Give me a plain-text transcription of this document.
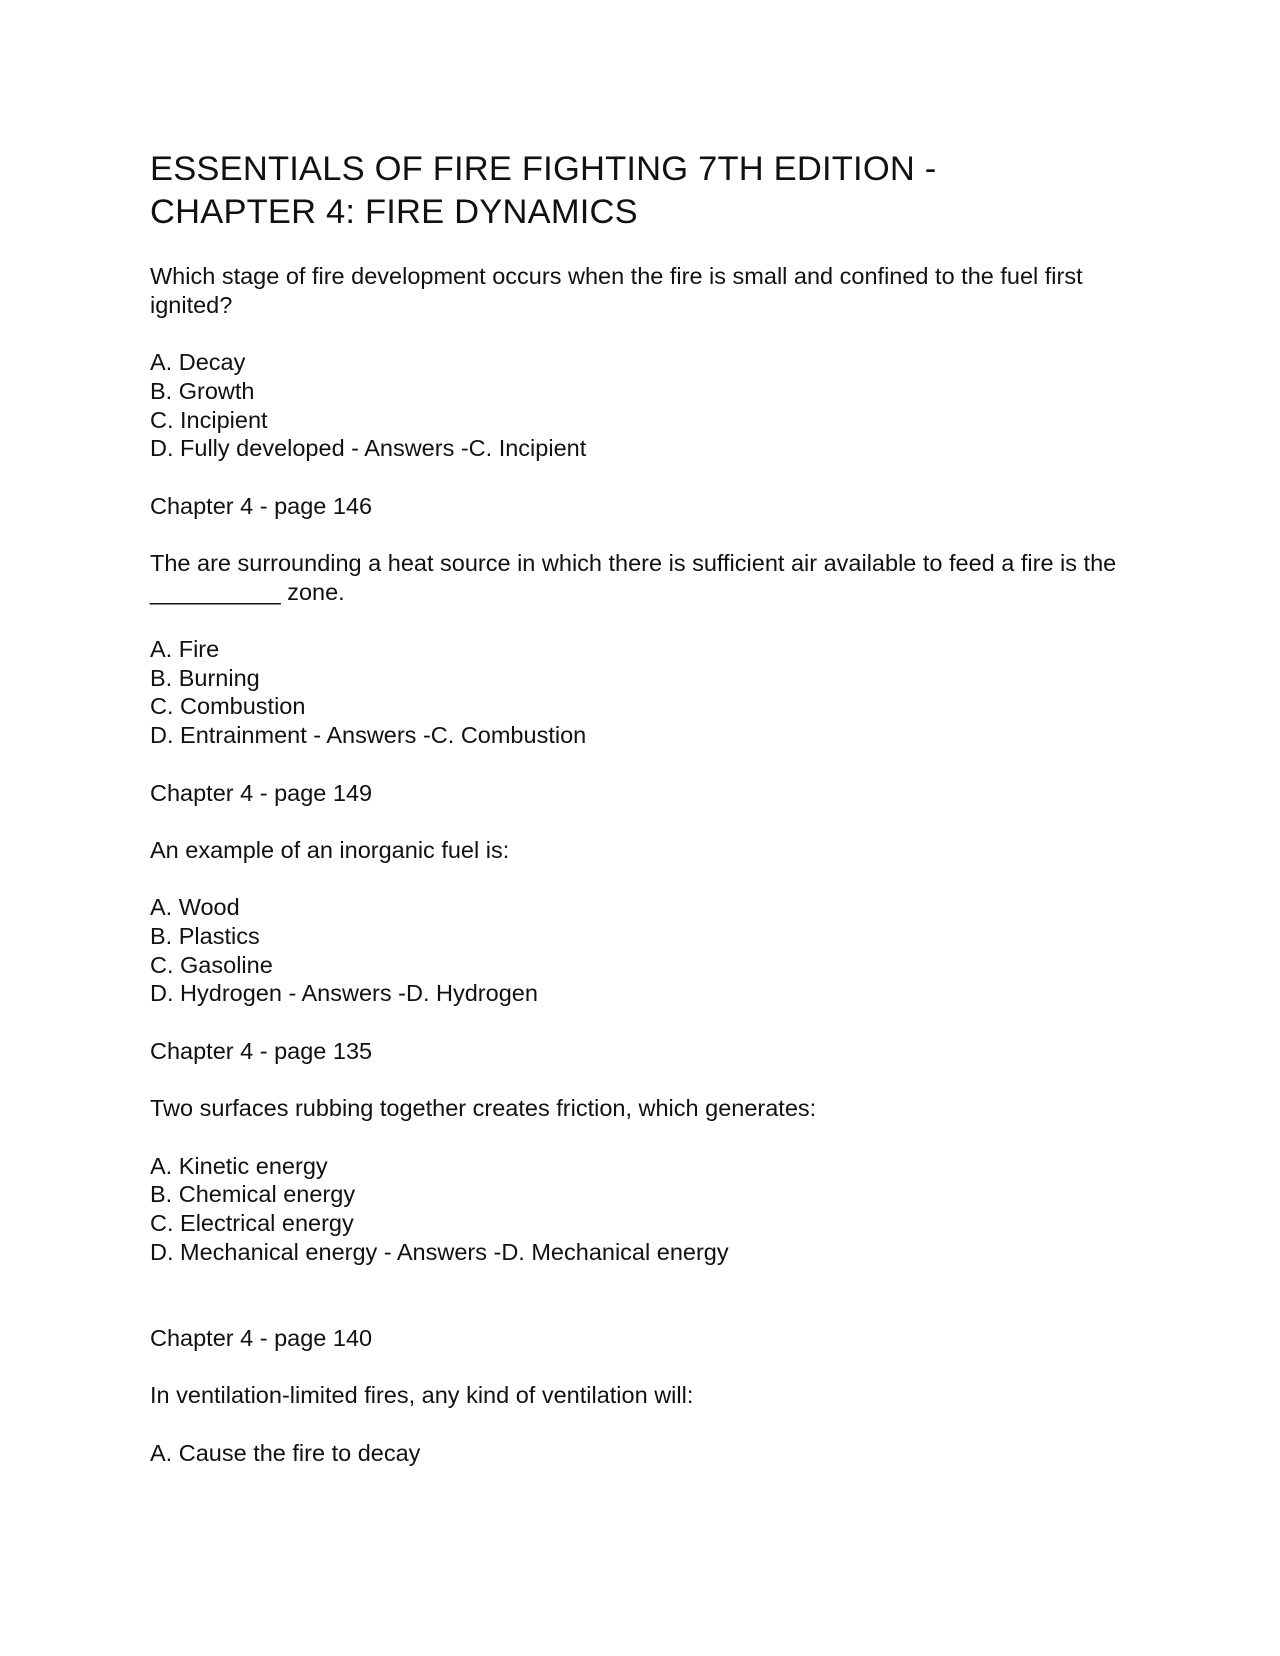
ESSENTIALS OF FIRE FIGHTING 7TH EDITION -
CHAPTER 4: FIRE DYNAMICS

Which stage of fire development occurs when the fire is small and confined to the fuel first ignited?

A. Decay
B. Growth
C. Incipient
D. Fully developed - Answers -C. Incipient

Chapter 4 - page 146

The are surrounding a heat source in which there is sufficient air available to feed a fire is the __________ zone.

A. Fire
B. Burning
C. Combustion
D. Entrainment - Answers -C. Combustion

Chapter 4 - page 149

An example of an inorganic fuel is:

A. Wood
B. Plastics
C. Gasoline
D. Hydrogen - Answers -D. Hydrogen

Chapter 4 - page 135

Two surfaces rubbing together creates friction, which generates:

A. Kinetic energy
B. Chemical energy
C. Electrical energy
D. Mechanical energy - Answers -D. Mechanical energy

Chapter 4 - page 140

In ventilation-limited fires, any kind of ventilation will:

A. Cause the fire to decay
